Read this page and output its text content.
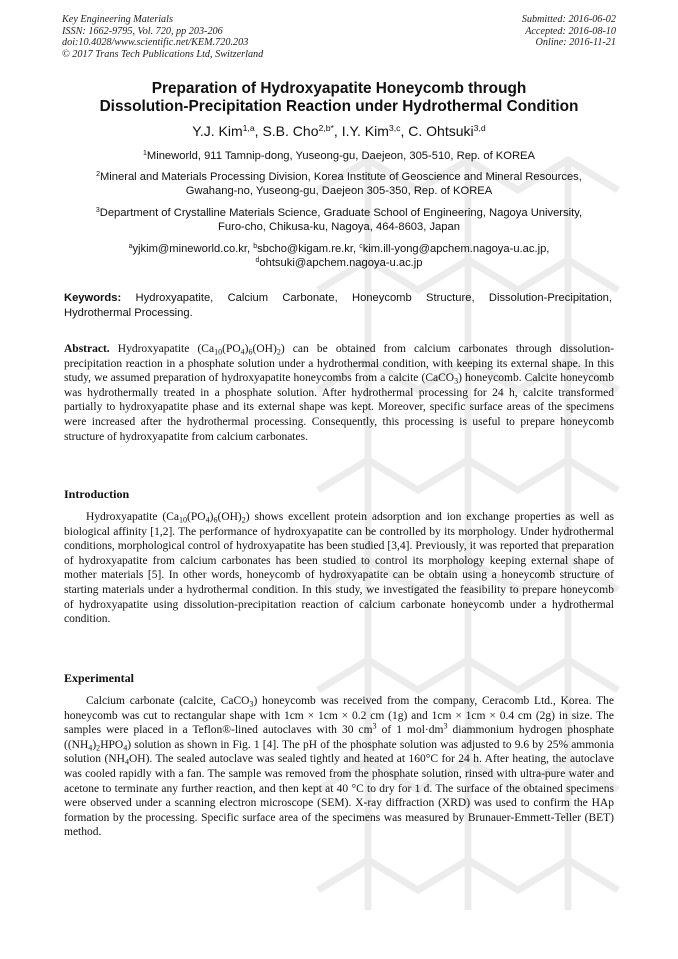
Key Engineering Materials
ISSN: 1662-9795, Vol. 720, pp 203-206
doi:10.4028/www.scientific.net/KEM.720.203
© 2017 Trans Tech Publications Ltd, Switzerland
Submitted: 2016-06-02
Accepted: 2016-08-10
Online: 2016-11-21
Preparation of Hydroxyapatite Honeycomb through
Dissolution-Precipitation Reaction under Hydrothermal Condition
Y.J. Kim$^{1,a}$, S.B. Cho$^{2,b*}$, I.Y. Kim$^{3,c}$, C. Ohtsuki$^{3,d}$
$^1$Mineworld, 911 Tamnip-dong, Yuseong-gu, Daejeon, 305-510, Rep. of KOREA
$^2$Mineral and Materials Processing Division, Korea Institute of Geoscience and Mineral Resources,
Gwahang-no, Yuseong-gu, Daejeon 305-350, Rep. of KOREA
$^3$Department of Crystalline Materials Science, Graduate School of Engineering, Nagoya University,
Furo-cho, Chikusa-ku, Nagoya, 464-8603, Japan
$^a$yjkim@mineworld.co.kr, $^b$sbcho@kigam.re.kr, $^c$kim.ill-yong@apchem.nagoya-u.ac.jp,
$^d$ohtsuki@apchem.nagoya-u.ac.jp
Keywords: Hydroxyapatite, Calcium Carbonate, Honeycomb Structure, Dissolution-Precipitation, Hydrothermal Processing.
Abstract. Hydroxyapatite $(Ca_{10}(PO_4)_6(OH)_2)$ can be obtained from calcium carbonates through dissolution-precipitation reaction in a phosphate solution under a hydrothermal condition, with keeping its external shape. In this study, we assumed preparation of hydroxyapatite honeycombs from a calcite (CaCO$_3$) honeycomb. Calcite honeycomb was hydrothermally treated in a phosphate solution. After hydrothermal processing for 24 h, calcite transformed partially to hydroxyapatite phase and its external shape was kept. Moreover, specific surface areas of the specimens were increased after the hydrothermal processing. Consequently, this processing is useful to prepare honeycomb structure of hydroxyapatite from calcium carbonates.
Introduction
Hydroxyapatite $(Ca_{10}(PO_4)_6(OH)_2)$ shows excellent protein adsorption and ion exchange properties as well as biological affinity [1,2]. The performance of hydroxyapatite can be controlled by its morphology. Under hydrothermal conditions, morphological control of hydroxyapatite has been studied [3,4]. Previously, it was reported that preparation of hydroxyapatite from calcium carbonates has been studied to control its morphology keeping external shape of mother materials [5]. In other words, honeycomb of hydroxyapatite can be obtain using a honeycomb structure of starting materials under a hydrothermal condition. In this study, we investigated the feasibility to prepare honeycomb of hydroxyapatite using dissolution-precipitation reaction of calcium carbonate honeycomb under a hydrothermal condition.
Experimental
Calcium carbonate (calcite, CaCO$_3$) honeycomb was received from the company, Ceracomb Ltd., Korea. The honeycomb was cut to rectangular shape with 1cm × 1cm × 0.2 cm (1g) and 1cm × 1cm × 0.4 cm (2g) in size. The samples were placed in a Teflon®-lined autoclaves with 30 $cm^3$ of 1 $mol\cdot dm^3$ diammonium hydrogen phosphate $((NH_4)_2HPO_4)$ solution as shown in Fig. 1 [4]. The pH of the phosphate solution was adjusted to 9.6 by 25% ammonia solution $(NH_4OH)$. The sealed autoclave was sealed tightly and heated at 160°C for 24 h. After heating, the autoclave was cooled rapidly with a fan. The sample was removed from the phosphate solution, rinsed with ultra-pure water and acetone to terminate any further reaction, and then kept at 40 °C to dry for 1 d. The surface of the obtained specimens were observed under a scanning electron microscope (SEM). X-ray diffraction (XRD) was used to confirm the HAp formation by the processing. Specific surface area of the specimens was measured by Brunauer-Emmett-Teller (BET) method.
